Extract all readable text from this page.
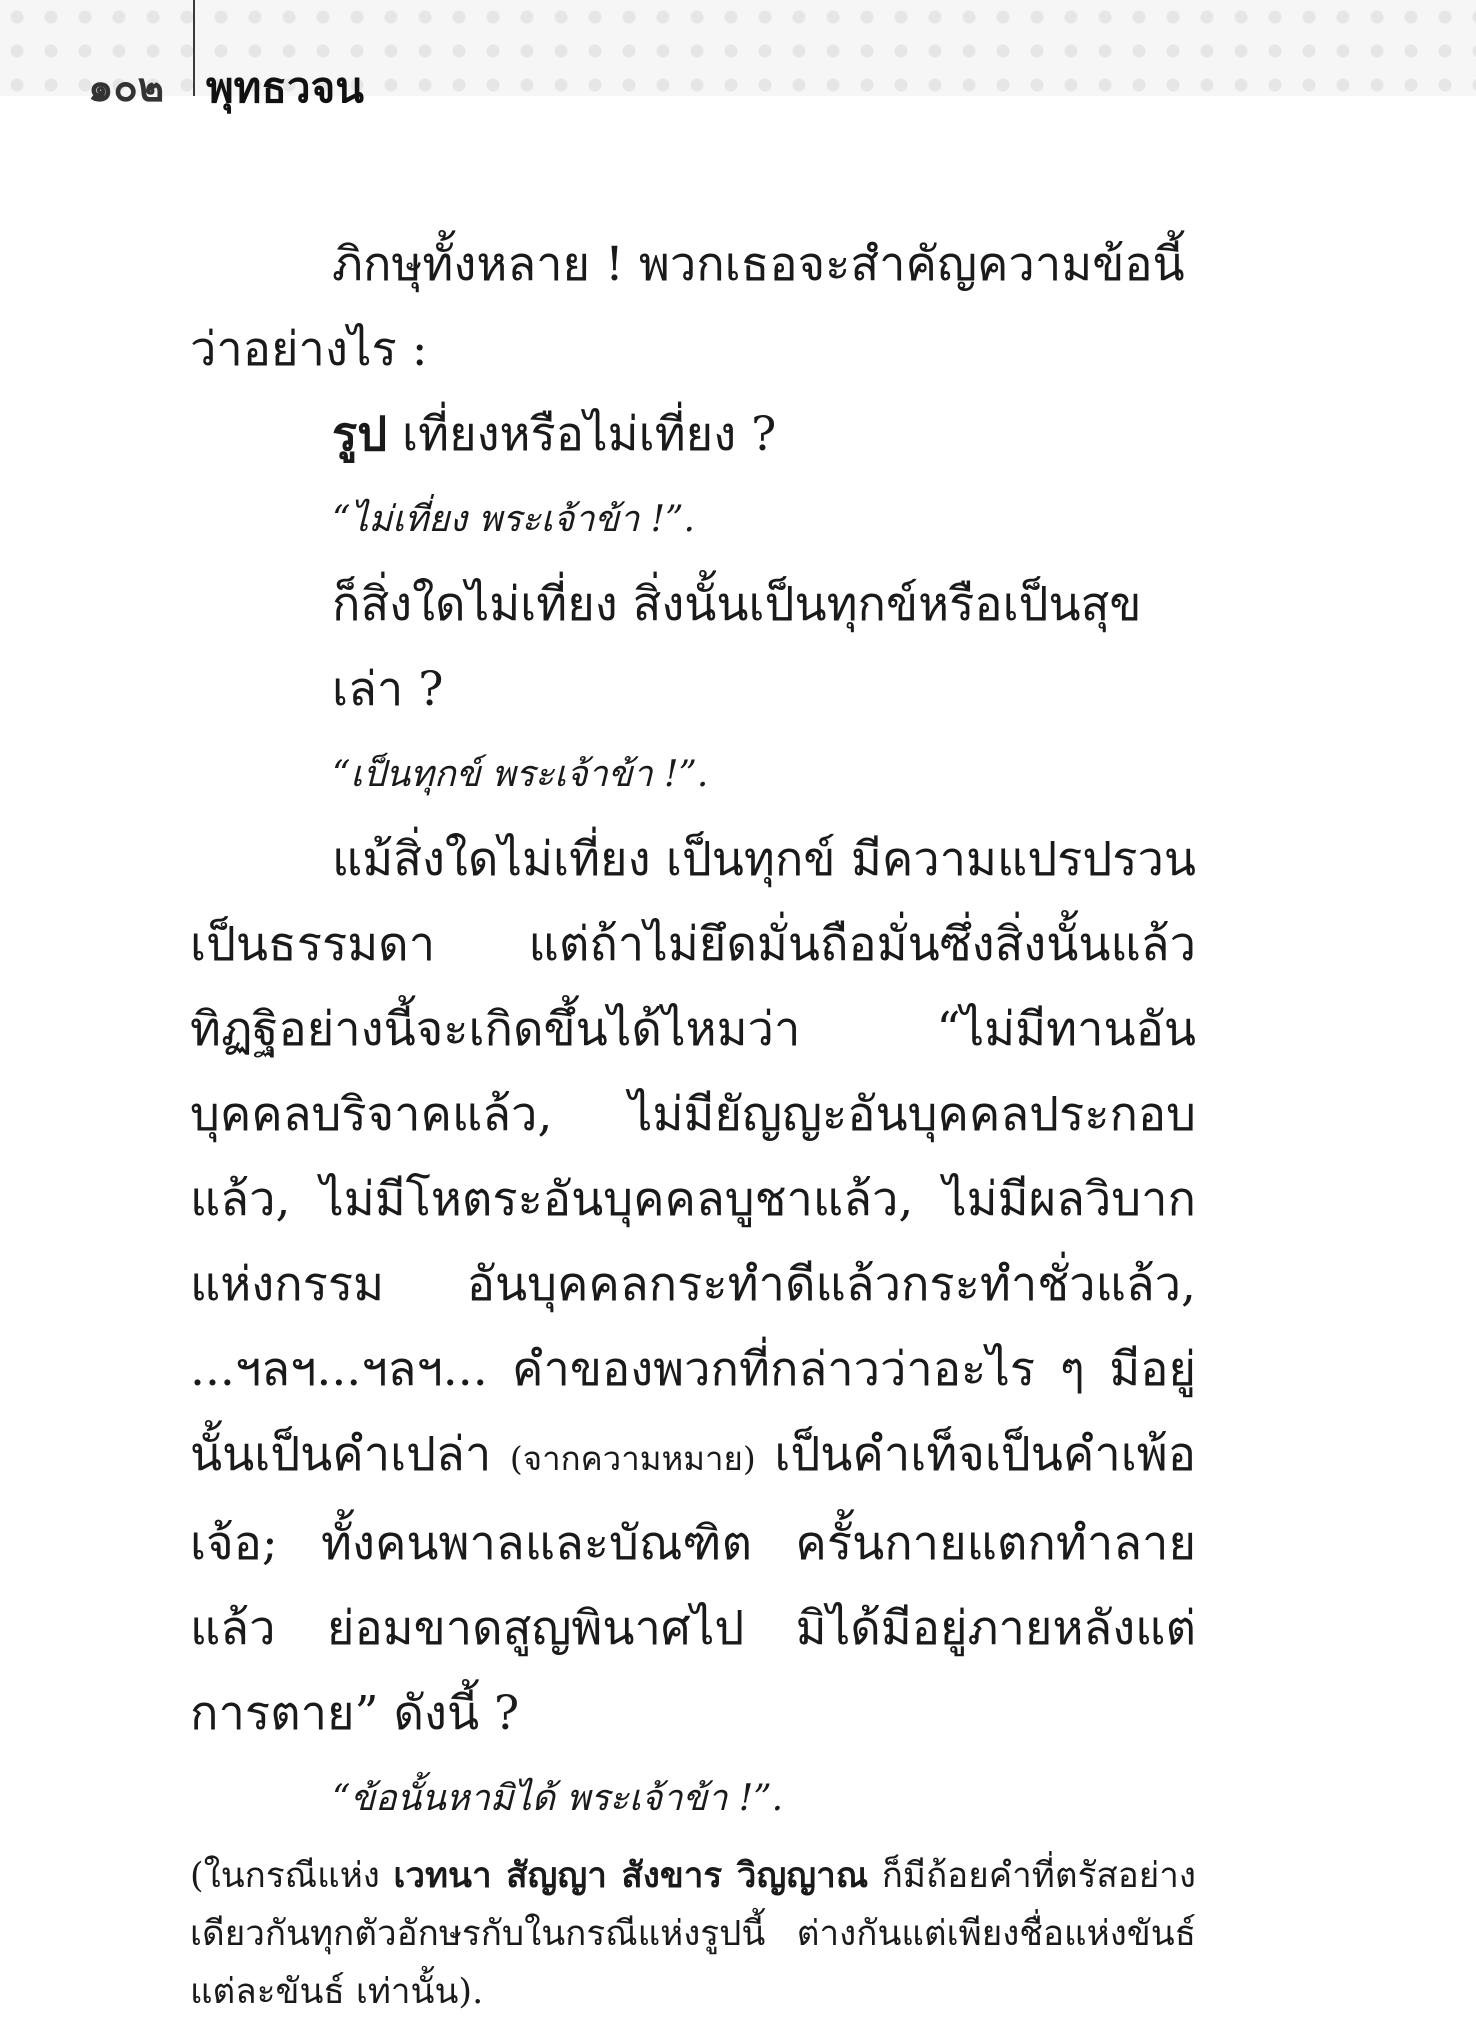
๑๐๒ พุทธวจน

ภิกษุทั้งหลาย ! พวกเธอจะสำคัญความข้อนี้ว่าอย่างไร :

รูป เที่ยงหรือไม่เที่ยง ?

“ไม่เที่ยง พระเจ้าข้า !”.

ก็สิ่งใดไม่เที่ยง สิ่งนั้นเป็นทุกข์หรือเป็นสุขเล่า ?

“เป็นทุกข์ พระเจ้าข้า !”.

แม้สิ่งใดไม่เที่ยง เป็นทุกข์ มีความแปรปรวนเป็นธรรมดา แต่ถ้าไม่ยึดมั่นถือมั่นซึ่งสิ่งนั้นแล้ว ทิฏฐิอย่างนี้จะเกิดขึ้นได้ไหมว่า “ไม่มีทานอันบุคคลบริจาคแล้ว, ไม่มียัญญะอันบุคคลประกอบแล้ว, ไม่มีโหตระอันบุคคลบูชาแล้ว, ไม่มีผลวิบากแห่งกรรม อันบุคคลกระทำดีแล้วกระทำชั่วแล้ว, ...ฯลฯ...ฯลฯ... คำของพวกที่กล่าวว่าอะไร ๆ มีอยู่นั้นเป็นคำเปล่า (จากความหมาย) เป็นคำเท็จเป็นคำเพ้อเจ้อ; ทั้งคนพาลและบัณฑิต ครั้นกายแตกทำลายแล้ว ย่อมขาดสูญพินาศไป มิได้มีอยู่ภายหลังแต่การตาย” ดังนี้ ?

“ข้อนั้นหามิได้ พระเจ้าข้า !”.

(ในกรณีแห่ง เวทนา สัญญา สังขาร วิญญาณ ก็มีถ้อยคำที่ตรัสอย่างเดียวกันทุกตัวอักษรกับในกรณีแห่งรูปนี้ ต่างกันแต่เพียงชื่อแห่งขันธ์แต่ละขันธ์ เท่านั้น).
